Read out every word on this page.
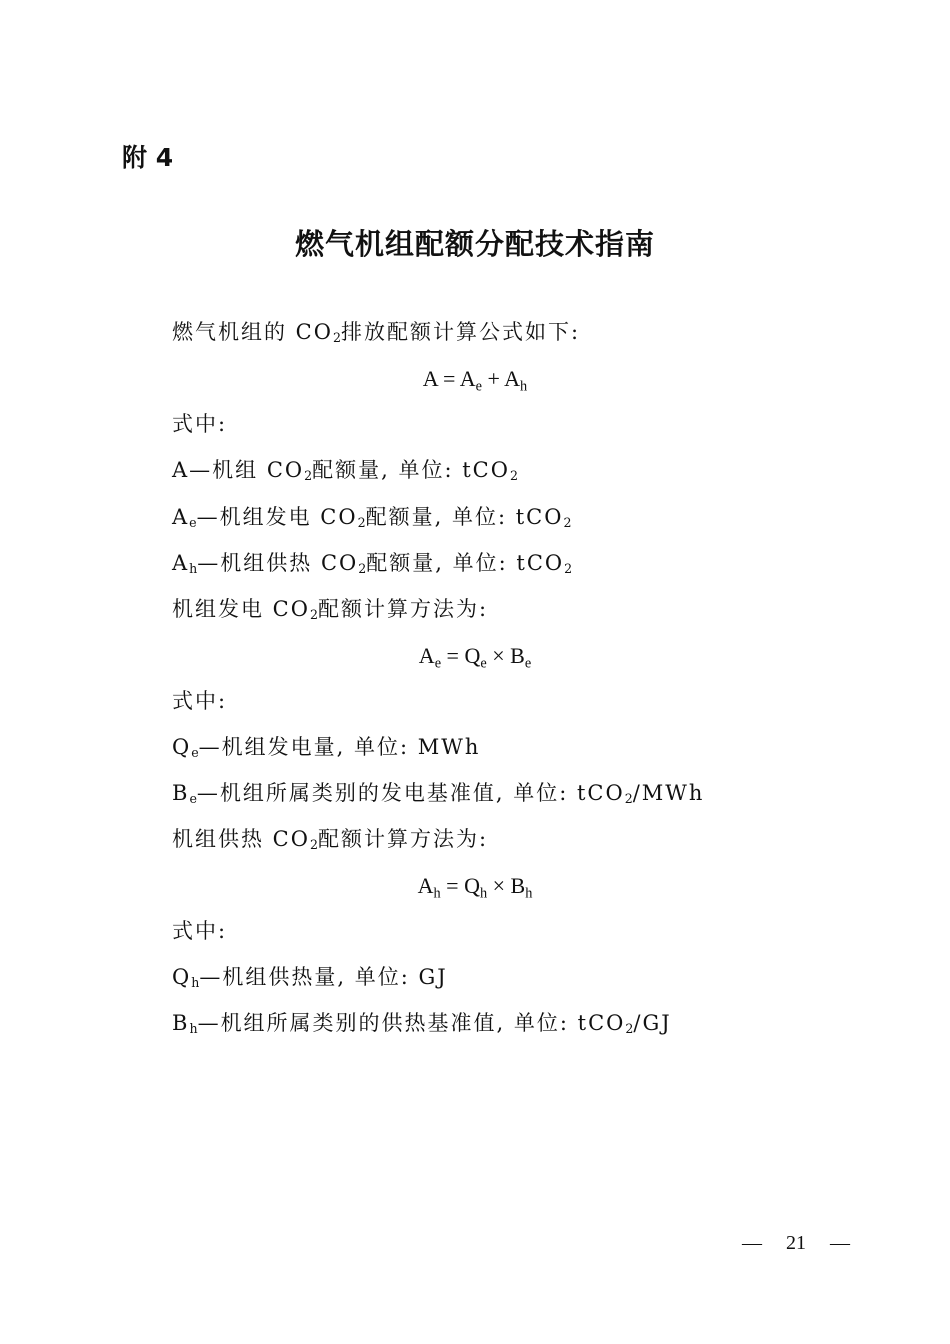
附 4
燃气机组配额分配技术指南
燃气机组的 CO2排放配额计算公式如下:
A = Ae + Ah
式中:
A—机组 CO2配额量, 单位: tCO2
Ae—机组发电 CO2配额量, 单位: tCO2
Ah—机组供热 CO2配额量, 单位: tCO2
机组发电 CO2配额计算方法为:
Ae = Qe × Be
式中:
Qe—机组发电量, 单位: MWh
Be—机组所属类别的发电基准值, 单位: tCO2/MWh
机组供热 CO2配额计算方法为:
Ah = Qh × Bh
式中:
Qh—机组供热量, 单位: GJ
Bh—机组所属类别的供热基准值, 单位: tCO2/GJ
— 21 —
